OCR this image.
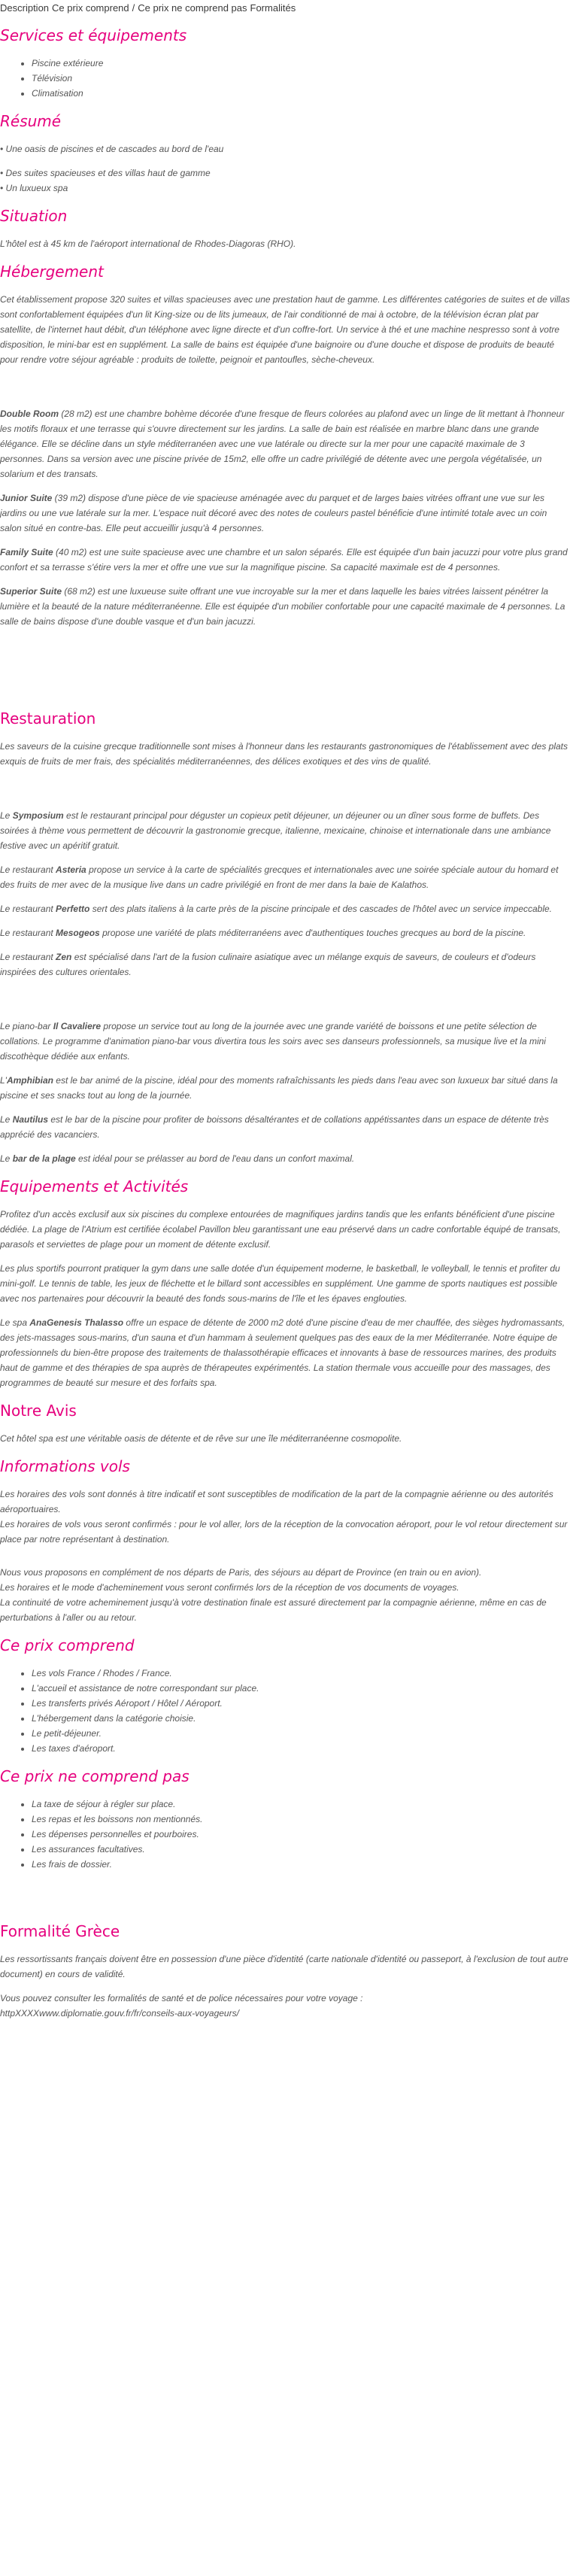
Description Ce prix comprend / Ce prix ne comprend pas Formalités
Services et équipements
• Piscine extérieure
• Télévision
• Climatisation
Résumé

• Une oasis de piscines et de cascades au bord de l'eau

• Des suites spacieuses et des villas haut de gamme

• Un luxueux spa

Situation

L'hôtel est à 45 km de l'aéroport international de Rhodes-Diagoras (RHO).

Hébergement

Cet établissement propose 320 suites et villas spacieuses avec une prestation haut de gamme. Les différentes catégories de suites et de villas sont confortablement équipées d'un lit King-size ou de lits jumeaux, de l'air conditionné de mai à octobre, de la télévision écran plat par satellite, de l'internet haut débit, d'un téléphone avec ligne directe et d'un coffre-fort. Un service à thé et une machine nespresso sont à votre disposition, le mini-bar est en supplément. La salle de bains est équipée d'une baignoire ou d'une douche et dispose de produits de beauté pour rendre votre séjour agréable : produits de toilette, peignoir et pantoufles, sèche-cheveux.

Double Room (28 m2) est une chambre bohème décorée d'une fresque de fleurs colorées au plafond avec un linge de lit mettant à l'honneur les motifs floraux et une terrasse qui s'ouvre directement sur les jardins. La salle de bain est réalisée en marbre blanc dans une grande élégance. Elle se décline dans un style méditerranéen avec une vue latérale ou directe sur la mer pour une capacité maximale de 3 personnes. Dans sa version avec une piscine privée de 15m2, elle offre un cadre privilégié de détente avec une pergola végétalisée, un solarium et des transats.

Junior Suite (39 m2) dispose d'une pièce de vie spacieuse aménagée avec du parquet et de larges baies vitrées offrant une vue sur les jardins ou une vue latérale sur la mer. L'espace nuit décoré avec des notes de couleurs pastel bénéficie d'une intimité totale avec un coin salon situé en contre-bas. Elle peut accueillir jusqu'à 4 personnes.

Family Suite (40 m2) est une suite spacieuse avec une chambre et un salon séparés. Elle est équipée d'un bain jacuzzi pour votre plus grand confort et sa terrasse s'étire vers la mer et offre une vue sur la magnifique piscine. Sa capacité maximale est de 4 personnes.

Superior Suite (68 m2) est une luxueuse suite offrant une vue incroyable sur la mer et dans laquelle les baies vitrées laissent pénétrer la lumière et la beauté de la nature méditerranéenne. Elle est équipée d'un mobilier confortable pour une capacité maximale de 4 personnes. La salle de bains dispose d'une double vasque et d'un bain jacuzzi.

Restauration

Les saveurs de la cuisine grecque traditionnelle sont mises à l'honneur dans les restaurants gastronomiques de l'établissement avec des plats exquis de fruits de mer frais, des spécialités méditerranéennes, des délices exotiques et des vins de qualité.

Le Symposium est le restaurant principal pour déguster un copieux petit déjeuner, un déjeuner ou un dîner sous forme de buffets. Des soirées à thème vous permettent de découvrir la gastronomie grecque, italienne, mexicaine, chinoise et internationale dans une ambiance festive avec un apéritif gratuit.

Le restaurant Asteria propose un service à la carte de spécialités grecques et internationales avec une soirée spéciale autour du homard et des fruits de mer avec de la musique live dans un cadre privilégié en front de mer dans la baie de Kalathos.

Le restaurant Perfetto sert des plats italiens à la carte près de la piscine principale et des cascades de l'hôtel avec un service impeccable.

Le restaurant Mesogeos propose une variété de plats méditerranéens avec d'authentiques touches grecques au bord de la piscine.

Le restaurant Zen est spécialisé dans l'art de la fusion culinaire asiatique avec un mélange exquis de saveurs, de couleurs et d'odeurs inspirées des cultures orientales.

Le piano-bar Il Cavaliere propose un service tout au long de la journée avec une grande variété de boissons et une petite sélection de collations. Le programme d'animation piano-bar vous divertira tous les soirs avec ses danseurs professionnels, sa musique live et la mini discothèque dédiée aux enfants.

L'Amphibian est le bar animé de la piscine, idéal pour des moments rafraîchissants les pieds dans l'eau avec son luxueux bar situé dans la piscine et ses snacks tout au long de la journée.

Le Nautilus est le bar de la piscine pour profiter de boissons désaltérantes et de collations appétissantes dans un espace de détente très apprécié des vacanciers.

Le bar de la plage est idéal pour se prélasser au bord de l'eau dans un confort maximal.

Equipements et Activités

Profitez d'un accès exclusif aux six piscines du complexe entourées de magnifiques jardins tandis que les enfants bénéficient d'une piscine dédiée. La plage de l'Atrium est certifiée écolabel Pavillon bleu garantissant une eau préservé dans un cadre confortable équipé de transats, parasols et serviettes de plage pour un moment de détente exclusif.

Les plus sportifs pourront pratiquer la gym dans une salle dotée d'un équipement moderne, le basketball, le volleyball, le tennis et profiter du mini-golf. Le tennis de table, les jeux de fléchette et le billard sont accessibles en supplément. Une gamme de sports nautiques est possible avec nos partenaires pour découvrir la beauté des fonds sous-marins de l'île et les épaves englouties.

Le spa AnaGenesis Thalasso offre un espace de détente de 2000 m2 doté d'une piscine d'eau de mer chauffée, des sièges hydromassants, des jets-massages sous-marins, d'un sauna et d'un hammam à seulement quelques pas des eaux de la mer Méditerranée. Notre équipe de professionnels du bien-être propose des traitements de thalassothérapie efficaces et innovants à base de ressources marines, des produits haut de gamme et des thérapies de spa auprès de thérapeutes expérimentés. La station thermale vous accueille pour des massages, des programmes de beauté sur mesure et des forfaits spa.

Notre Avis

Cet hôtel spa est une véritable oasis de détente et de rêve sur une île méditerranéenne cosmopolite.

Informations vols

Les horaires des vols sont donnés à titre indicatif et sont susceptibles de modification de la part de la compagnie aérienne ou des autorités aéroportuaires.
Les horaires de vols vous seront confirmés : pour le vol aller, lors de la réception de la convocation aéroport, pour le vol retour directement sur place par notre représentant à destination.

Nous vous proposons en complément de nos départs de Paris, des séjours au départ de Province (en train ou en avion).
Les horaires et le mode d'acheminement vous seront confirmés lors de la réception de vos documents de voyages.
La continuité de votre acheminement jusqu'à votre destination finale est assuré directement par la compagnie aérienne, même en cas de perturbations à l'aller ou au retour.

Ce prix comprend
• Les vols France / Rhodes / France.
• L'accueil et assistance de notre correspondant sur place.
• Les transferts privés Aéroport / Hôtel / Aéroport.
• L'hébergement dans la catégorie choisie.
• Le petit-déjeuner.
• Les taxes d'aéroport.
Ce prix ne comprend pas
• La taxe de séjour à régler sur place.
• Les repas et les boissons non mentionnés.
• Les dépenses personnelles et pourboires.
• Les assurances facultatives.
• Les frais de dossier.
Formalité Grèce

Les ressortissants français doivent être en possession d'une pièce d'identité (carte nationale d'identité ou passeport, à l'exclusion de tout autre document) en cours de validité.

Vous pouvez consulter les formalités de santé et de police nécessaires pour votre voyage :
httpXXXXwww.diplomatie.gouv.fr/fr/conseils-aux-voyageurs/
